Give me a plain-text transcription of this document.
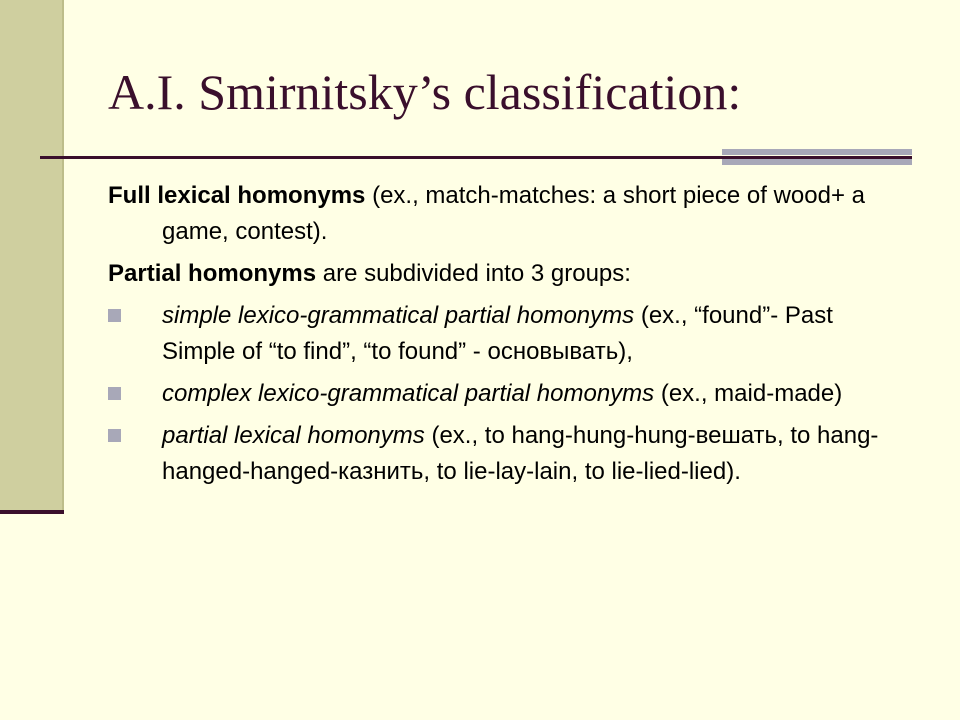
A.I. Smirnitsky’s classification:

Full lexical homonyms (ex., match-matches: a short piece of wood+ a game, contest).

Partial homonyms are subdivided into 3 groups:

simple lexico-grammatical partial homonyms (ex., “found”- Past Simple of “to find”, “to found” - основывать),
complex lexico-grammatical partial homonyms (ex., maid-made)
partial lexical homonyms (ex., to hang-hung-hung-вешать, to hang-hanged-hanged-казнить, to lie-lay-lain, to lie-lied-lied).
